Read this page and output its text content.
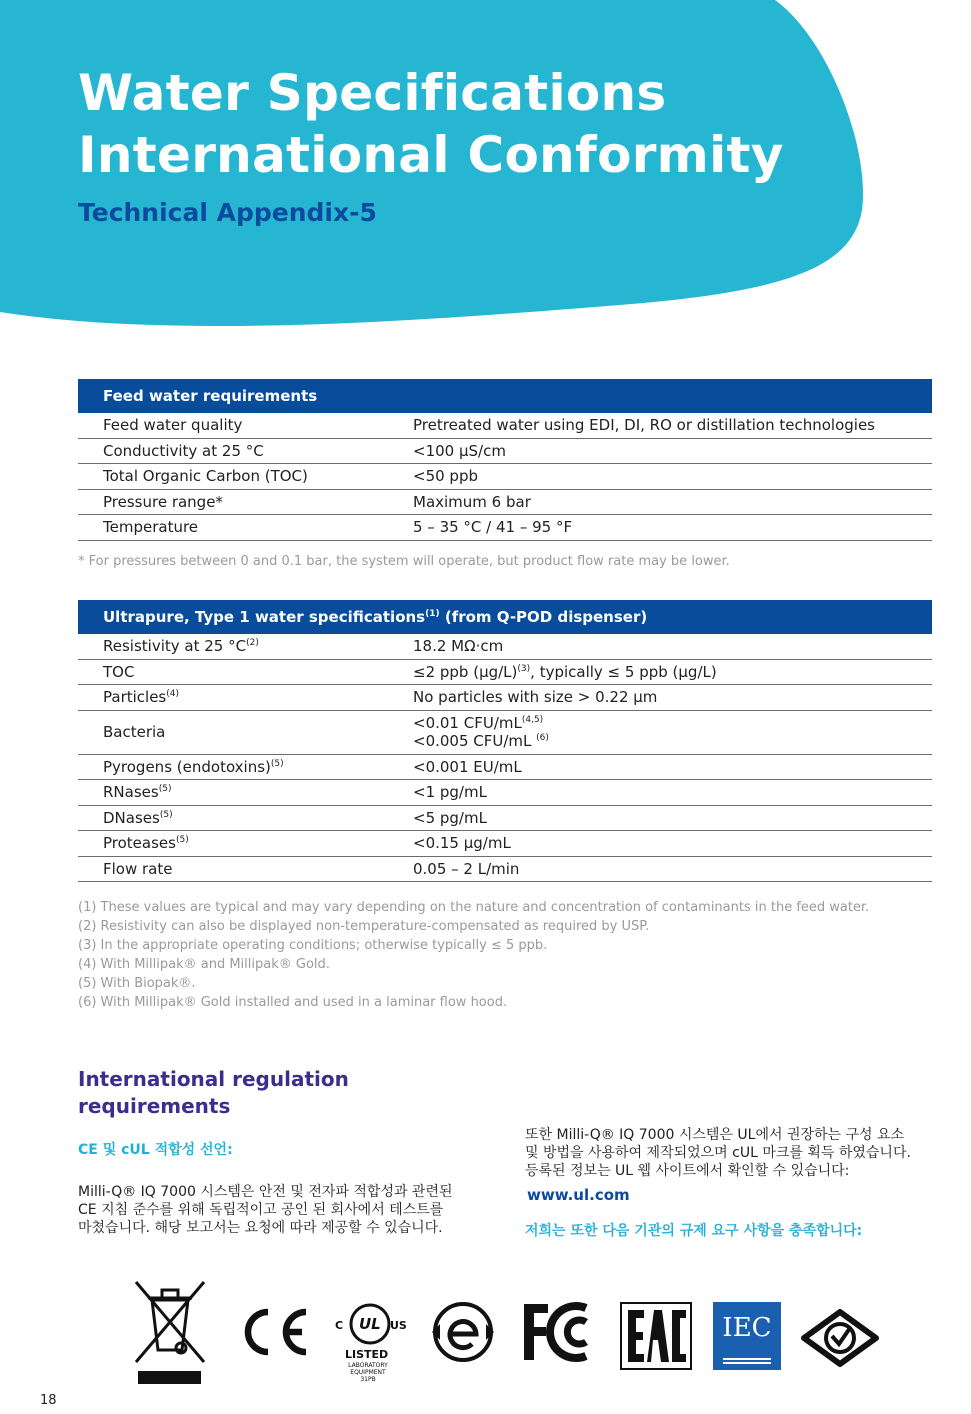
Water Specifications
International Conformity
Technical Appendix-5
Feed water requirements
Feed water quality	Pretreated water using EDI, DI, RO or distillation technologies
Conductivity at 25 °C	<100 µS/cm
Total Organic Carbon (TOC)	<50 ppb
Pressure range*	Maximum 6 bar
Temperature	5 – 35 °C / 41 – 95 °F
* For pressures between 0 and 0.1 bar, the system will operate, but product flow rate may be lower.
Ultrapure, Type 1 water specifications$^{(1)}$ (from Q-POD dispenser)
Resistivity at 25 $^\circ C^{(2)}$	18.2 MΩ·cm
TOC	≤2 ppb $(\mu g/L)^{(3)}$, typically ≤ 5 ppb (µg/L)
Particles$^{(4)}$	No particles with size > 0.22 µm
Bacteria	<0.01 CFU/mL$^{(4,5)}$
<0.005 CFU/mL $^{(6)}$
Pyrogens (endotoxins)$^{(5)}$	<0.001 EU/mL
RNases$^{(5)}$	<1 pg/mL
DNases$^{(5)}$	<5 pg/mL
Proteases$^{(5)}$	<0.15 µg/mL
Flow rate	0.05 – 2 L/min
(1) These values are typical and may vary depending on the nature and concentration of contaminants in the feed water.
(2) Resistivity can also be displayed non-temperature-compensated as required by USP.
(3) In the appropriate operating conditions; otherwise typically ≤ 5 ppb.
(4) With Millipak® and Millipak® Gold.
(5) With Biopak®.
(6) With Millipak® Gold installed and used in a laminar flow hood.
International regulation
requirements
CE 및 cUL 적합성 선언:
Milli-Q® IQ 7000 시스템은 안전 및 전자파 적합성과 관련된
CE 지침 준수를 위해 독립적이고 공인 된 회사에서 테스트를
마쳤습니다. 해당 보고서는 요청에 따라 제공할 수 있습니다.
또한 Milli-Q® IQ 7000 시스템은 UL에서 권장하는 구성 요소
및 방법을 사용하여 제작되었으며 cUL 마크를 획득 하였습니다.
등록된 정보는 UL 웹 사이트에서 확인할 수 있습니다:
www.ul.com
저희는 또한 다음 기관의 규제 요구 사항을 충족합니다:
C UL US
LISTED
LABORATORY
EQUIPMENT
31PB
IEC
18
